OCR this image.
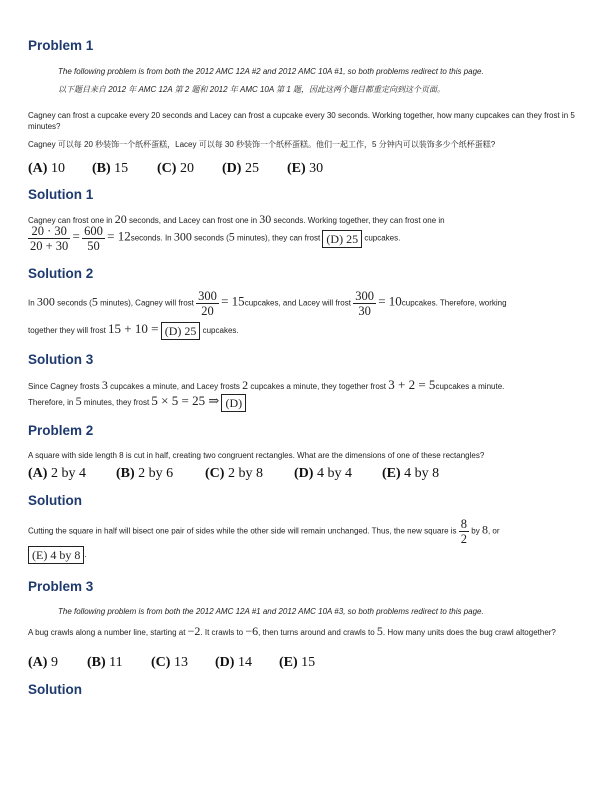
Problem 1
The following problem is from both the 2012 AMC 12A #2 and 2012 AMC 10A #1, so both problems redirect to this page.
以下题目来自 2012 年 AMC 12A 第 2 题和 2012 年 AMC 10A 第 1 题，因此这两个题目都重定向到这个页面。
Cagney can frost a cupcake every 20 seconds and Lacey can frost a cupcake every 30 seconds. Working together, how many cupcakes can they frost in 5 minutes?
Cagney 可以每 20 秒装饰一个纸杯蛋糕，Lacey 可以每 30 秒装饰一个纸杯蛋糕。他们一起工作，5 分钟内可以装饰多少个纸杯蛋糕?
(A) 10 (B) 15 (C) 20 (D) 25 (E) 30
Solution 1
Cagney can frost one in 20 seconds, and Lacey can frost one in 30 seconds. Working together, they can frost one in
$\frac{20 \cdot 30}{20 + 30} = \frac{600}{50}$ = 12seconds. In 300 seconds (5 minutes), they can frost (D) 25 cupcakes.
Solution 2
In 300 seconds (5 minutes), Cagney will frost $\frac{300}{20}$ = 15cupcakes, and Lacey will frost $\frac{300}{30}$ = 10cupcakes. Therefore, working
together they will frost 15 + 10 = (D) 25 cupcakes.
Solution 3
Since Cagney frosts 3 cupcakes a minute, and Lacey frosts 2 cupcakes a minute, they together frost 3 + 2 = 5cupcakes a minute.
Therefore, in 5 minutes, they frost 5 × 5 = 25 ⇒ (D)
Problem 2
A square with side length 8 is cut in half, creating two congruent rectangles. What are the dimensions of one of these rectangles?
(A) 2 by 4 (B) 2 by 6 (C) 2 by 8 (D) 4 by 4 (E) 4 by 8
Solution
Cutting the square in half will bisect one pair of sides while the other side will remain unchanged. Thus, the new square is $\frac{8}{2}$ by 8, or
(E) 4 by 8 .
Problem 3
The following problem is from both the 2012 AMC 12A #1 and 2012 AMC 10A #3, so both problems redirect to this page.
A bug crawls along a number line, starting at −2. It crawls to −6, then turns around and crawls to 5. How many units does the bug crawl altogether?
(A) 9 (B) 11 (C) 13 (D) 14 (E) 15
Solution
